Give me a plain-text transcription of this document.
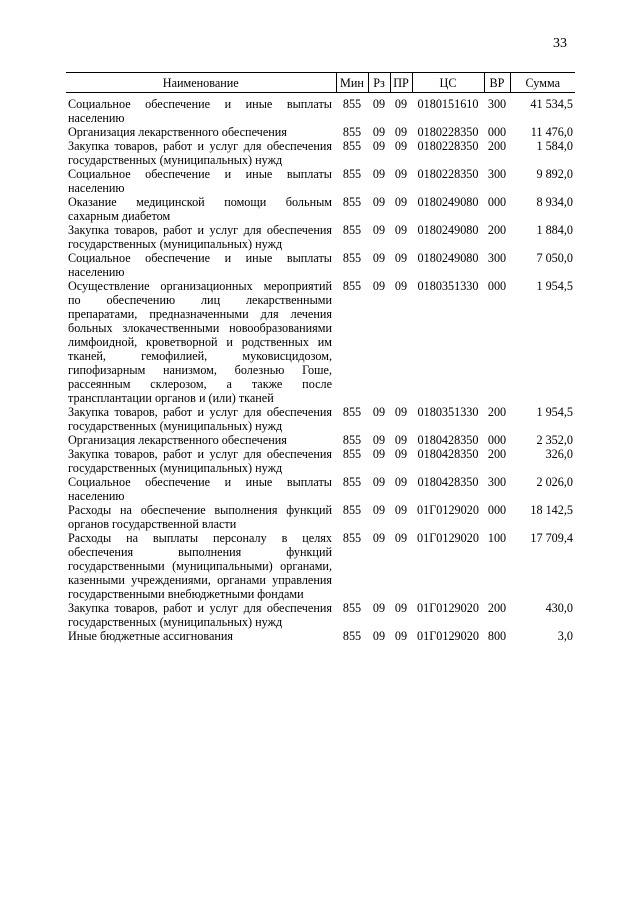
33
Наименование	Мин	Рз	ПР	ЦС	ВР	Сумма
Социальное обеспечение и иные выплаты населению	855	09	09	0180151610	300	41 534,5
Организация лекарственного обеспечения	855	09	09	0180228350	000	11 476,0
Закупка товаров, работ и услуг для обеспечения государственных (муниципальных) нужд	855	09	09	0180228350	200	1 584,0
Социальное обеспечение и иные выплаты населению	855	09	09	0180228350	300	9 892,0
Оказание медицинской помощи больным сахарным диабетом	855	09	09	0180249080	000	8 934,0
Закупка товаров, работ и услуг для обеспечения государственных (муниципальных) нужд	855	09	09	0180249080	200	1 884,0
Социальное обеспечение и иные выплаты населению	855	09	09	0180249080	300	7 050,0
Осуществление организационных мероприятий по обеспечению лиц лекарственными препаратами, предназначенными для лечения больных злокачественными новообразованиями лимфоидной, кроветворной и родственных им тканей, гемофилией, муковисцидозом, гипофизарным нанизмом, болезнью Гоше, рассеянным склерозом, а также после трансплантации органов и (или) тканей	855	09	09	0180351330	000	1 954,5
Закупка товаров, работ и услуг для обеспечения государственных (муниципальных) нужд	855	09	09	0180351330	200	1 954,5
Организация лекарственного обеспечения	855	09	09	0180428350	000	2 352,0
Закупка товаров, работ и услуг для обеспечения государственных (муниципальных) нужд	855	09	09	0180428350	200	326,0
Социальное обеспечение и иные выплаты населению	855	09	09	0180428350	300	2 026,0
Расходы на обеспечение выполнения функций органов государственной власти	855	09	09	01Г0129020	000	18 142,5
Расходы на выплаты персоналу в целях обеспечения выполнения функций государственными (муниципальными) органами, казенными учреждениями, органами управления государственными внебюджетными фондами	855	09	09	01Г0129020	100	17 709,4
Закупка товаров, работ и услуг для обеспечения государственных (муниципальных) нужд	855	09	09	01Г0129020	200	430,0
Иные бюджетные ассигнования	855	09	09	01Г0129020	800	3,0
